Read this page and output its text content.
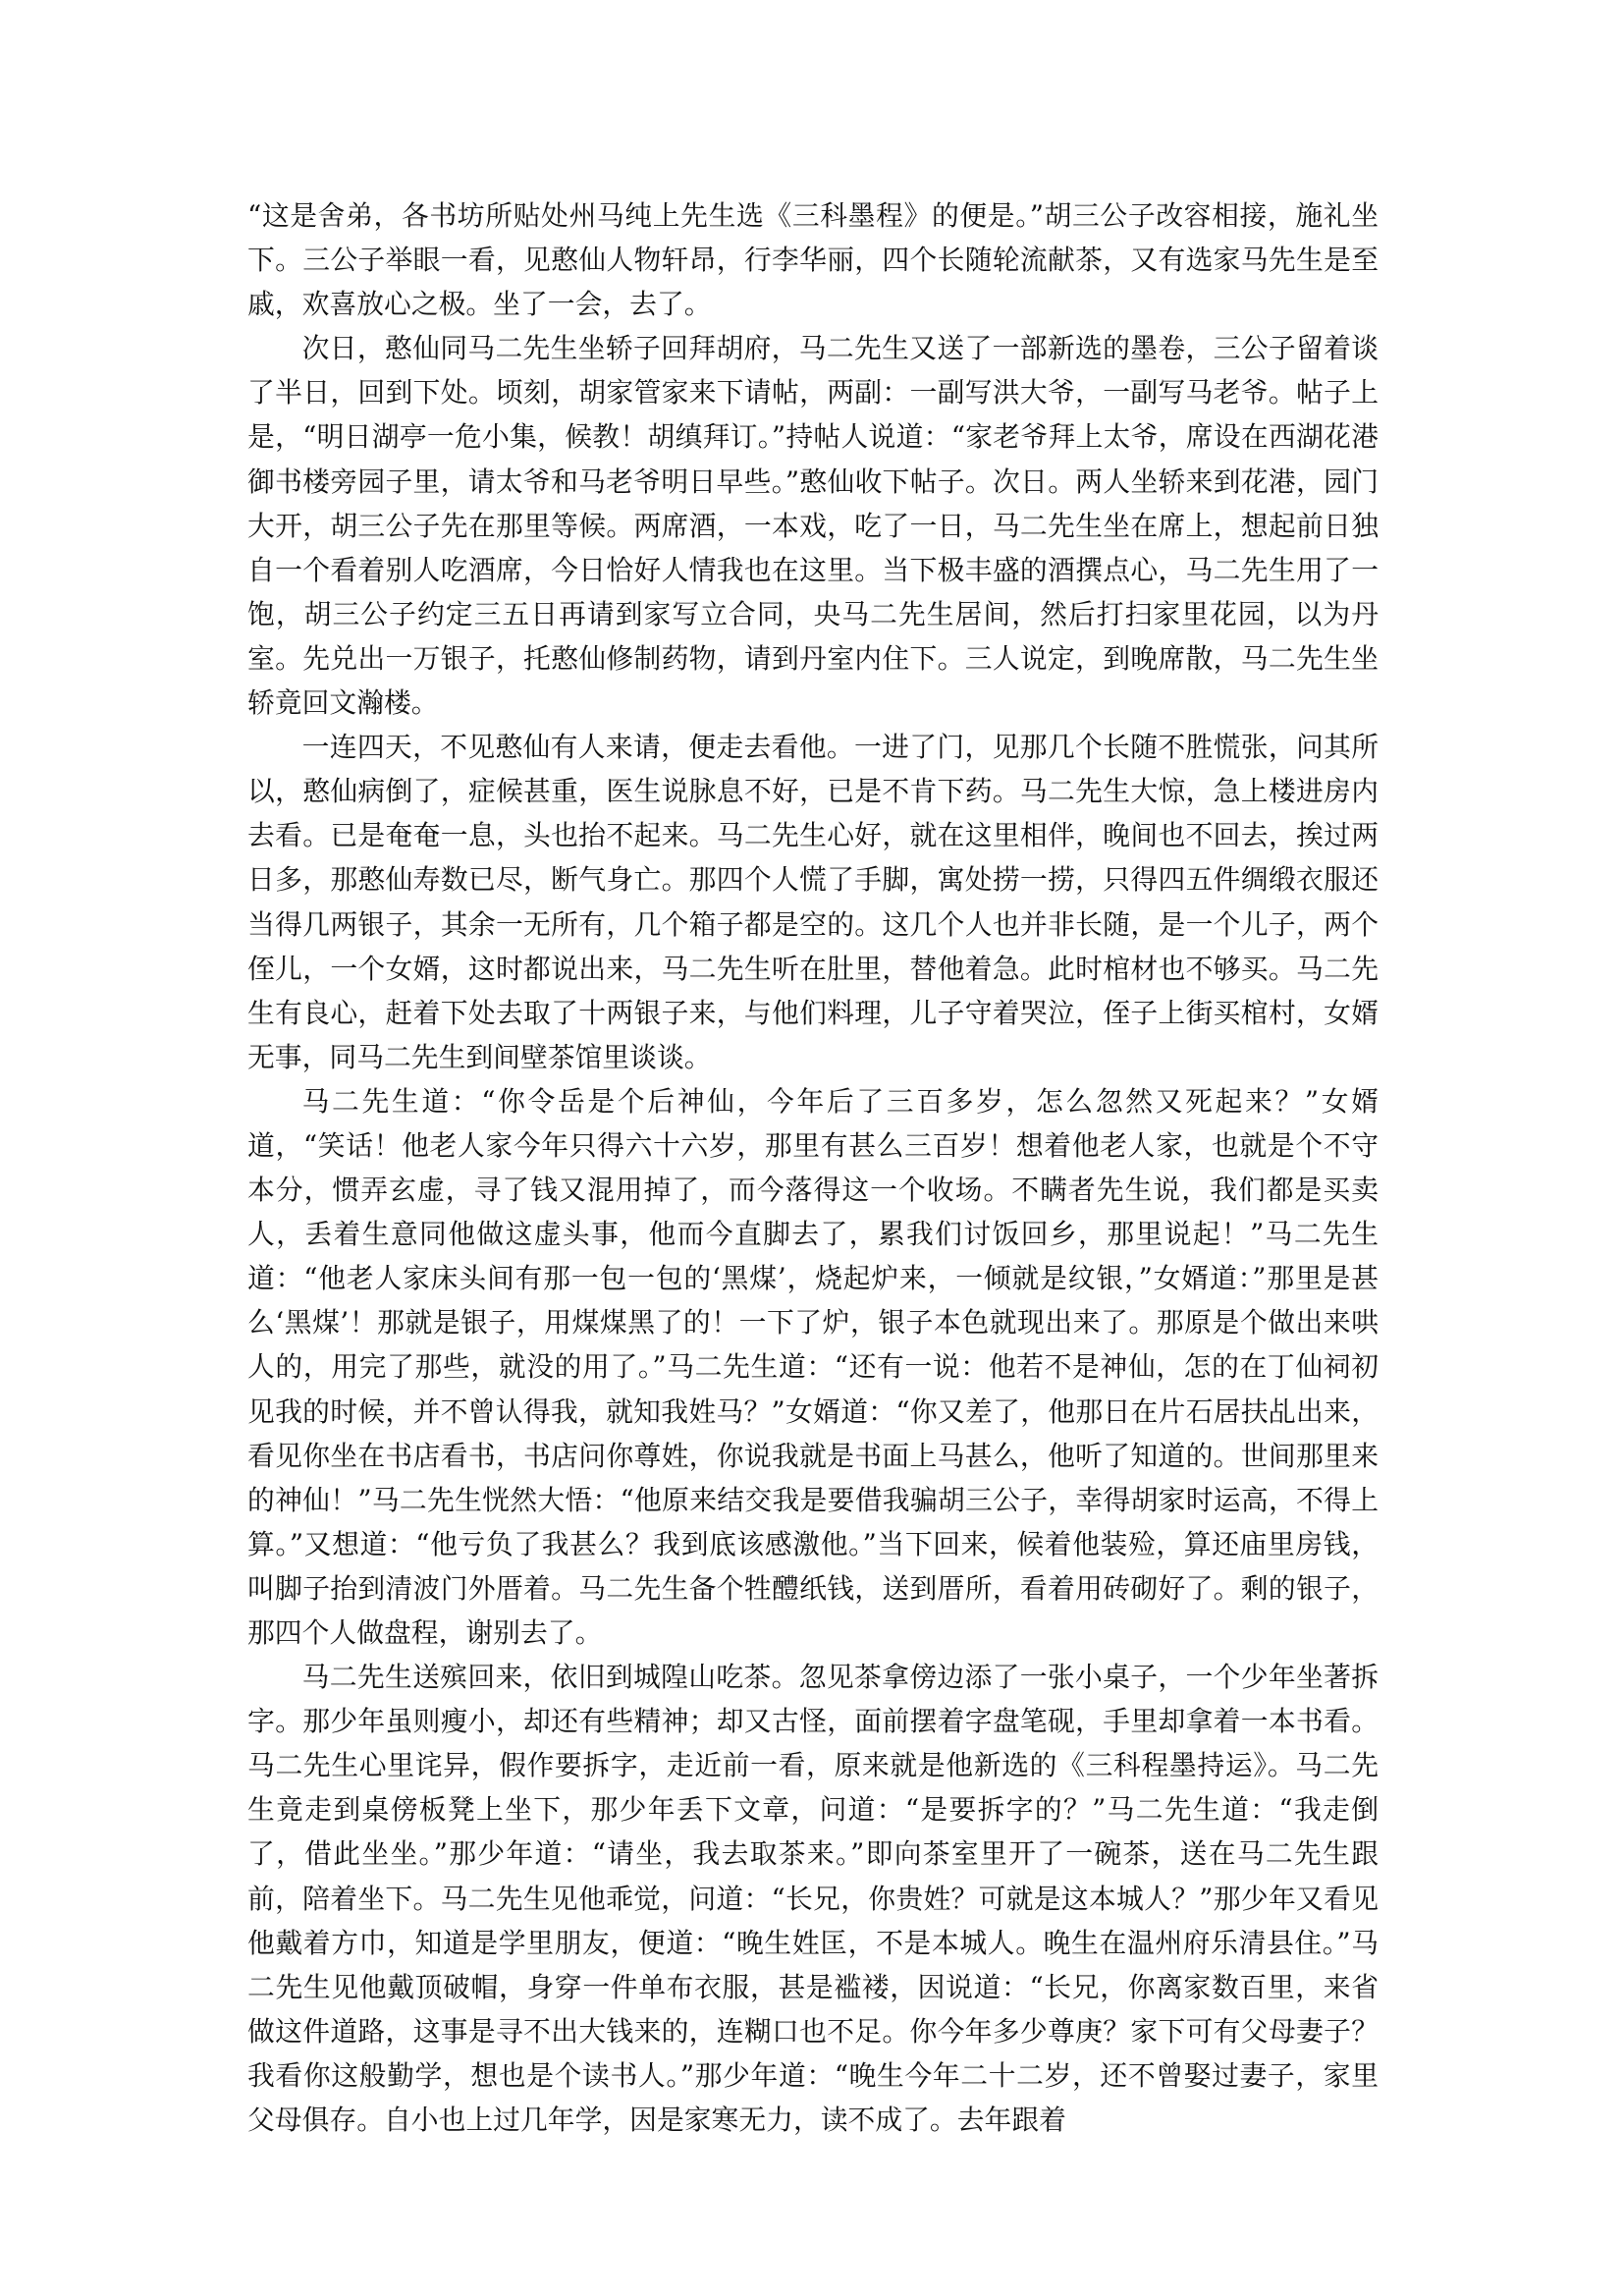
“这是舍弟，各书坊所贴处州马纯上先生选《三科墨程》的便是。”胡三公子改容相接，施礼坐下。三公子举眼一看，见憨仙人物轩昂，行李华丽，四个长随轮流献茶，又有选家马先生是至戚，欢喜放心之极。坐了一会，去了。

次日，憨仙同马二先生坐轿子回拜胡府，马二先生又送了一部新选的墨卷，三公子留着谈了半日，回到下处。顷刻，胡家管家来下请帖，两副：一副写洪大爷，一副写马老爷。帖子上是，“明日湖亭一危小集，候教！胡缜拜订。”持帖人说道：“家老爷拜上太爷，席设在西湖花港御书楼旁园子里，请太爷和马老爷明日早些。”憨仙收下帖子。次日。两人坐轿来到花港，园门大开，胡三公子先在那里等候。两席酒，一本戏，吃了一日，马二先生坐在席上，想起前日独自一个看着别人吃酒席，今日恰好人情我也在这里。当下极丰盛的酒撰点心，马二先生用了一饱，胡三公子约定三五日再请到家写立合同，央马二先生居间，然后打扫家里花园，以为丹室。先兑出一万银子，托憨仙修制药物，请到丹室内住下。三人说定，到晚席散，马二先生坐轿竟回文瀚楼。

一连四天，不见憨仙有人来请，便走去看他。一进了门，见那几个长随不胜慌张，问其所以，憨仙病倒了，症候甚重，医生说脉息不好，已是不肯下药。马二先生大惊，急上楼进房内去看。已是奄奄一息，头也抬不起来。马二先生心好，就在这里相伴，晚间也不回去，挨过两日多，那憨仙寿数已尽，断气身亡。那四个人慌了手脚，寓处捞一捞，只得四五件绸缎衣服还当得几两银子，其余一无所有，几个箱子都是空的。这几个人也并非长随，是一个儿子，两个侄儿，一个女婿，这时都说出来，马二先生听在肚里，替他着急。此时棺材也不够买。马二先生有良心，赶着下处去取了十两银子来，与他们料理，儿子守着哭泣，侄子上街买棺村，女婿无事，同马二先生到间壁茶馆里谈谈。

马二先生道：“你令岳是个后神仙，今年后了三百多岁，怎么忽然又死起来？”女婿道，“笑话！他老人家今年只得六十六岁，那里有甚么三百岁！想着他老人家，也就是个不守本分，惯弄玄虚，寻了钱又混用掉了，而今落得这一个收场。不瞒者先生说，我们都是买卖人，丢着生意同他做这虚头事，他而今直脚去了，累我们讨饭回乡，那里说起！”马二先生道：“他老人家床头间有那一包一包的‘黑煤’，烧起炉来，一倾就是纹银，”女婿道：”那里是甚么‘黑煤’！那就是银子，用煤煤黑了的！一下了炉，银子本色就现出来了。那原是个做出来哄人的，用完了那些，就没的用了。”马二先生道：“还有一说：他若不是神仙，怎的在丁仙祠初见我的时候，并不曾认得我，就知我姓马？”女婿道：“你又差了，他那日在片石居扶乩出来，看见你坐在书店看书，书店问你尊姓，你说我就是书面上马甚么，他听了知道的。世间那里来的神仙！”马二先生恍然大悟：“他原来结交我是要借我骗胡三公子，幸得胡家时运高，不得上算。”又想道：“他亏负了我甚么？我到底该感激他。”当下回来，候着他装殓，算还庙里房钱，叫脚子抬到清波门外厝着。马二先生备个牲醴纸钱，送到厝所，看着用砖砌好了。剩的银子，那四个人做盘程，谢别去了。

马二先生送殡回来，依旧到城隍山吃茶。忽见茶拿傍边添了一张小桌子，一个少年坐著拆字。那少年虽则瘦小，却还有些精神；却又古怪，面前摆着字盘笔砚，手里却拿着一本书看。马二先生心里诧异，假作要拆字，走近前一看，原来就是他新选的《三科程墨持运》。马二先生竟走到桌傍板凳上坐下，那少年丢下文章，问道：“是要拆字的？”马二先生道：“我走倒了，借此坐坐。”那少年道：“请坐，我去取茶来。”即向茶室里开了一碗茶，送在马二先生跟前，陪着坐下。马二先生见他乖觉，问道：“长兄，你贵姓？可就是这本城人？”那少年又看见他戴着方巾，知道是学里朋友，便道：“晚生姓匡，不是本城人。晚生在温州府乐清县住。”马二先生见他戴顶破帽，身穿一件单布衣服，甚是褴褛，因说道：“长兄，你离家数百里，来省做这件道路，这事是寻不出大钱来的，连糊口也不足。你今年多少尊庚？家下可有父母妻子？我看你这般勤学，想也是个读书人。”那少年道：“晚生今年二十二岁，还不曾娶过妻子，家里父母俱存。自小也上过几年学，因是家寒无力，读不成了。去年跟着
